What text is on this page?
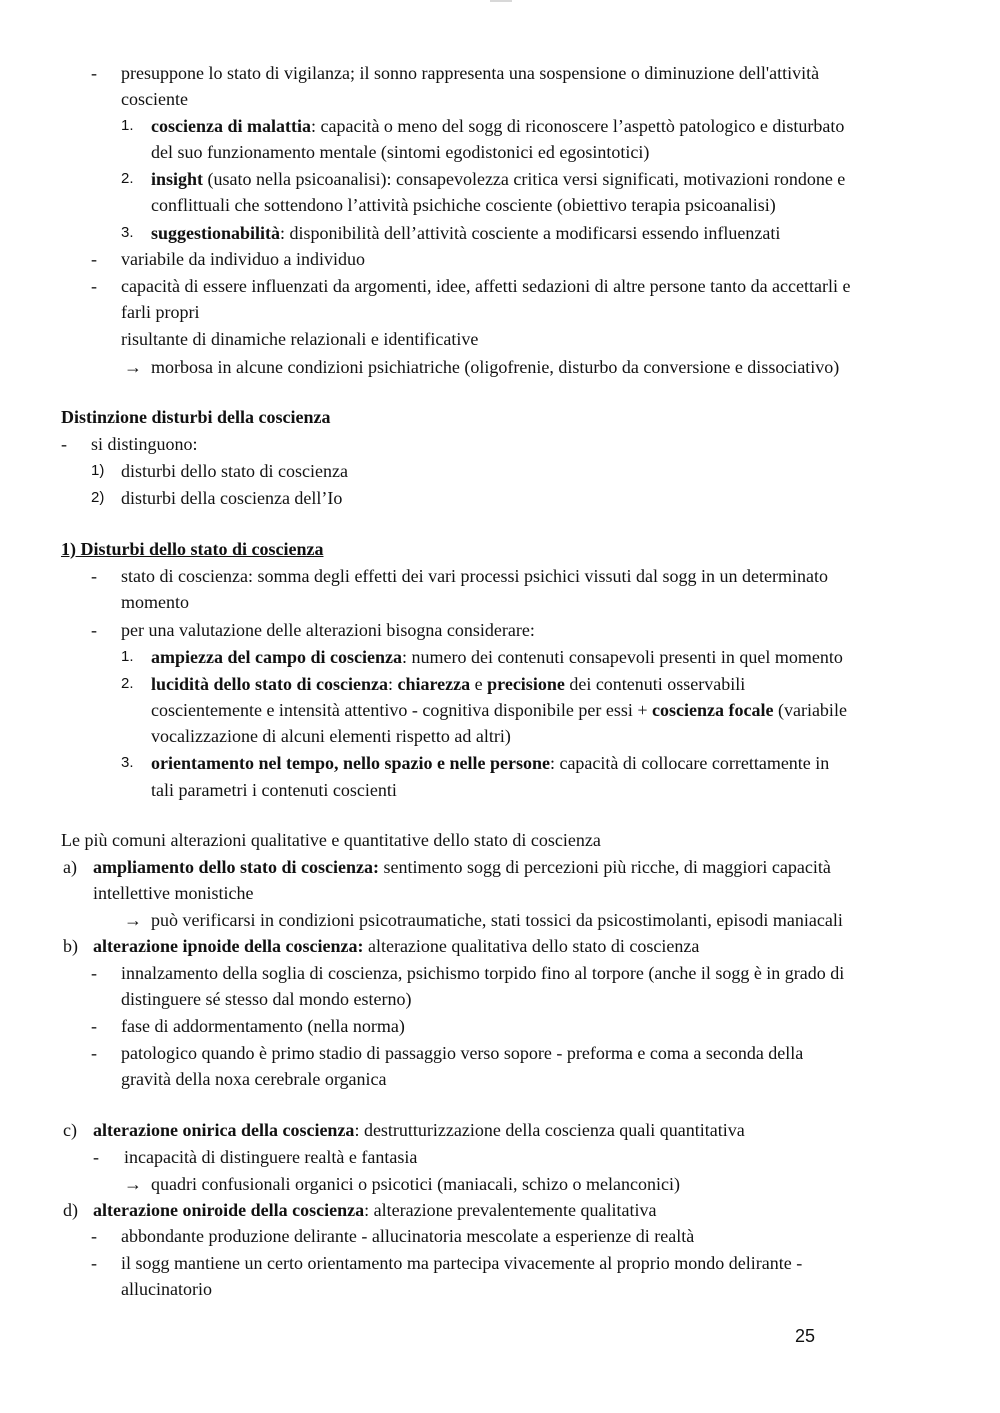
- presuppone lo stato di vigilanza; il sonno rappresenta una sospensione o diminuzione dell'attività
cosciente
1. coscienza di malattia: capacità o meno del sogg di riconoscere l’aspettò patologico e disturbato
del suo funzionamento mentale (sintomi egodistonici ed egosintotici)
2. insight (usato nella psicoanalisi): consapevolezza critica versi significati, motivazioni rondone e
conflittuali che sottendono l’attività psichiche cosciente (obiettivo terapia psicoanalisi)
3. suggestionabilità: disponibilità dell’attività cosciente a modificarsi essendo influenzati
- variabile da individuo a individuo
- capacità di essere influenzati da argomenti, idee, affetti sedazioni di altre persone tanto da accettarli e
farli propri
risultante di dinamiche relazionali e identificative
→ morbosa in alcune condizioni psichiatriche (oligofrenie, disturbo da conversione e dissociativo)
Distinzione disturbi della coscienza
- si distinguono:
1) disturbi dello stato di coscienza
2) disturbi della coscienza dell’Io
1) Disturbi dello stato di coscienza
- stato di coscienza: somma degli effetti dei vari processi psichici vissuti dal sogg in un determinato
momento
- per una valutazione delle alterazioni bisogna considerare:
1. ampiezza del campo di coscienza: numero dei contenuti consapevoli presenti in quel momento
2. lucidità dello stato di coscienza: chiarezza e precisione dei contenuti osservabili
coscientemente e intensità attentivo - cognitiva disponibile per essi + coscienza focale (variabile
vocalizzazione di alcuni elementi rispetto ad altri)
3. orientamento nel tempo, nello spazio e nelle persone: capacità di collocare correttamente in
tali parametri i contenuti coscienti
Le più comuni alterazioni qualitative e quantitative dello stato di coscienza
a) ampliamento dello stato di coscienza: sentimento sogg di percezioni più ricche, di maggiori capacità
intellettive monistiche
→ può verificarsi in condizioni psicotraumatiche, stati tossici da psicostimolanti, episodi maniacali
b) alterazione ipnoide della coscienza: alterazione qualitativa dello stato di coscienza
- innalzamento della soglia di coscienza, psichismo torpido fino al torpore (anche il sogg è in grado di
distinguere sé stesso dal mondo esterno)
- fase di addormentamento (nella norma)
- patologico quando è primo stadio di passaggio verso sopore - preforma e coma a seconda della
gravità della noxa cerebrale organica
c) alterazione onirica della coscienza: destrutturizzazione della coscienza quali quantitativa
- incapacità di distinguere realtà e fantasia
→ quadri confusionali organici o psicotici (maniacali, schizo o melanconici)
d) alterazione oniroide della coscienza: alterazione prevalentemente qualitativa
- abbondante produzione delirante - allucinatoria mescolate a esperienze di realtà
- il sogg mantiene un certo orientamento ma partecipa vivacemente al proprio mondo delirante -
allucinatorio
25
